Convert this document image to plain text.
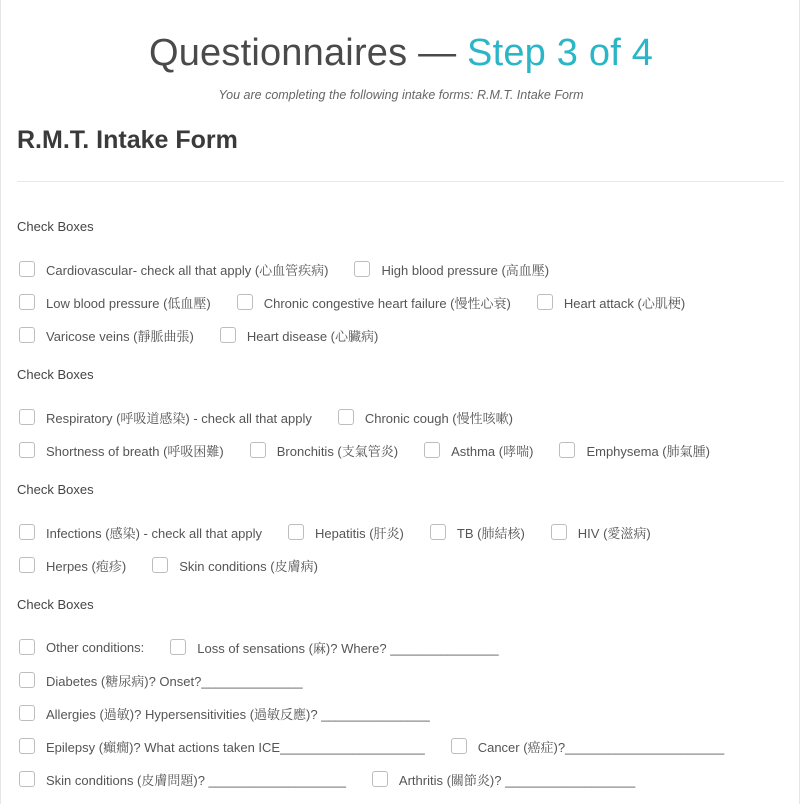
Questionnaires — Step 3 of 4
You are completing the following intake forms: R.M.T. Intake Form
R.M.T. Intake Form
Check Boxes
Cardiovascular- check all that apply (心血管疾病)	High blood pressure (高血壓)
Low blood pressure (低血壓)	Chronic congestive heart failure (慢性心衰)	Heart attack (心肌梗)
Varicose veins (靜脈曲張)	Heart disease (心臟病)
Check Boxes
Respiratory (呼吸道感染) - check all that apply	Chronic cough (慢性咳嗽)
Shortness of breath (呼吸困難)	Bronchitis (支氣管炎)	Asthma (哮喘)	Emphysema (肺氣腫)
Check Boxes
Infections (感染) - check all that apply	Hepatitis (肝炎)	TB (肺結核)	HIV (愛滋病)
Herpes (疱疹)	Skin conditions (皮膚病)
Check Boxes
Other conditions:	Loss of sensations (麻)? Where? _______________
Diabetes (糖尿病)? Onset?______________
Allergies (過敏)? Hypersensitivities (過敏反應)? _______________
Epilepsy (癲癇)? What actions taken ICE____________________	Cancer (癌症)?______________________
Skin conditions (皮膚問題)? ___________________	Arthritis (關節炎)? __________________
